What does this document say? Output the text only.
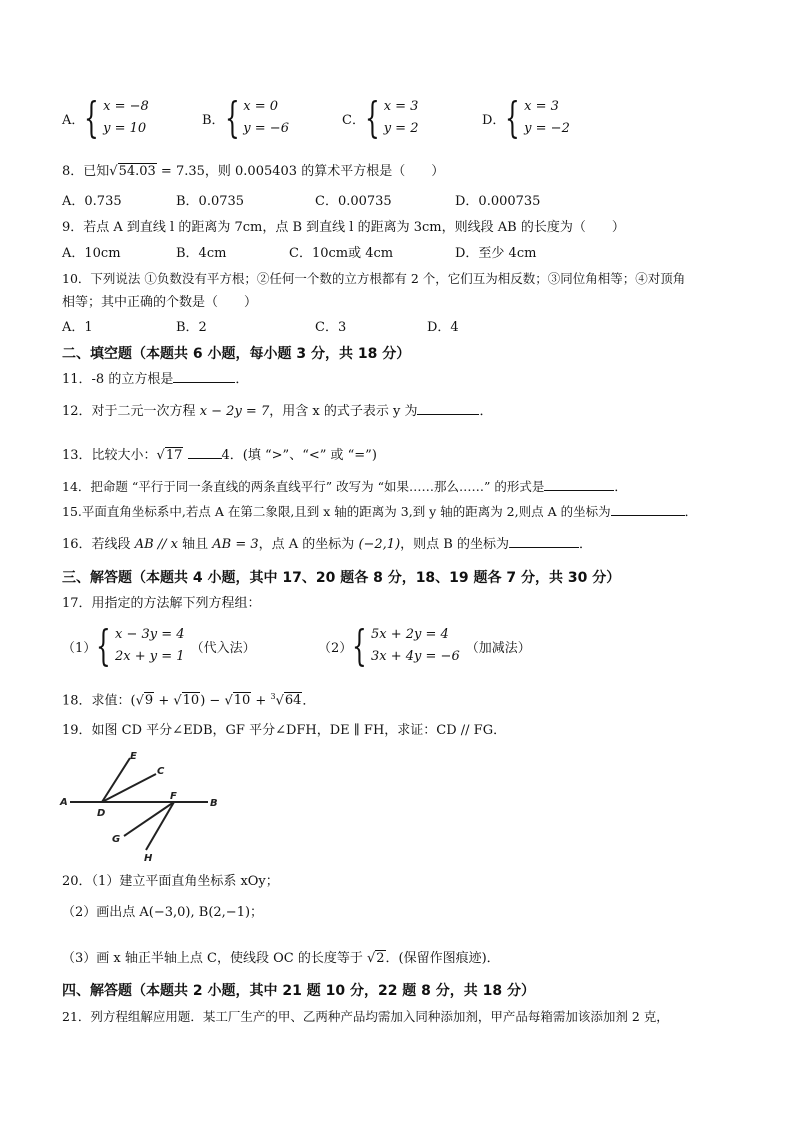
A． { x = −8
y = 10
B． { x = 0
y = −6
C． { x = 3
y = 2
D． { x = 3
y = −2
8．已知√54.03 = 7.35，则 0.005403 的算术平方根是（　　）
A．0.735	B．0.0735	C．0.00735	D．0.000735
9．若点 A 到直线 l 的距离为 7cm，点 B 到直线 l 的距离为 3cm，则线段 AB 的长度为（　　）
A．10cm	B．4cm	C．10cm或 4cm	D．至少 4cm
10．下列说法 ①负数没有平方根；②任何一个数的立方根都有 2 个，它们互为相反数；③同位角相等；④对顶角
相等；其中正确的个数是（　　）
A．1	B．2	C．3	D．4
二、填空题（本题共 6 小题，每小题 3 分，共 18 分）
11．-8 的立方根是	．
12．对于二元一次方程 x − 2y = 7，用含 x 的式子表示 y 为	．
13．比较大小：√17	4．(填 “>”、“<” 或 “=”)
14．把命题 “平行于同一条直线的两条直线平行” 改写为 “如果……那么……” 的形式是	．
15.平面直角坐标系中,若点 A 在第二象限,且到 x 轴的距离为 3,到 y 轴的距离为 2,则点 A 的坐标为	．
16．若线段 AB // x 轴且 AB = 3，点 A 的坐标为 (−2,1)，则点 B 的坐标为	．
三、解答题（本题共 4 小题，其中 17、20 题各 8 分，18、19 题各 7 分，共 30 分）
17．用指定的方法解下列方程组：
（1） { x − 3y = 4
2x + y = 1
（代入法）	（2） { 5x + 2y = 4
3x + 4y = −6
（加减法）
18．求值：(√9 + √10) − √10 + $^3$√64．
19．如图 CD 平分∠EDB，GF 平分∠DFH，DE ∥ FH，求证：CD // FG．
A	B
C
D
E
F
G
H
20．（1）建立平面直角坐标系 xOy；
（2）画出点 A(−3,0), B(2,−1)；
（3）画 x 轴正半轴上点 C，使线段 OC 的长度等于 √2．(保留作图痕迹)．
四、解答题（本题共 2 小题，其中 21 题 10 分，22 题 8 分，共 18 分）
21．列方程组解应用题．某工厂生产的甲、乙两种产品均需加入同种添加剂，甲产品每箱需加该添加剂 2 克，
